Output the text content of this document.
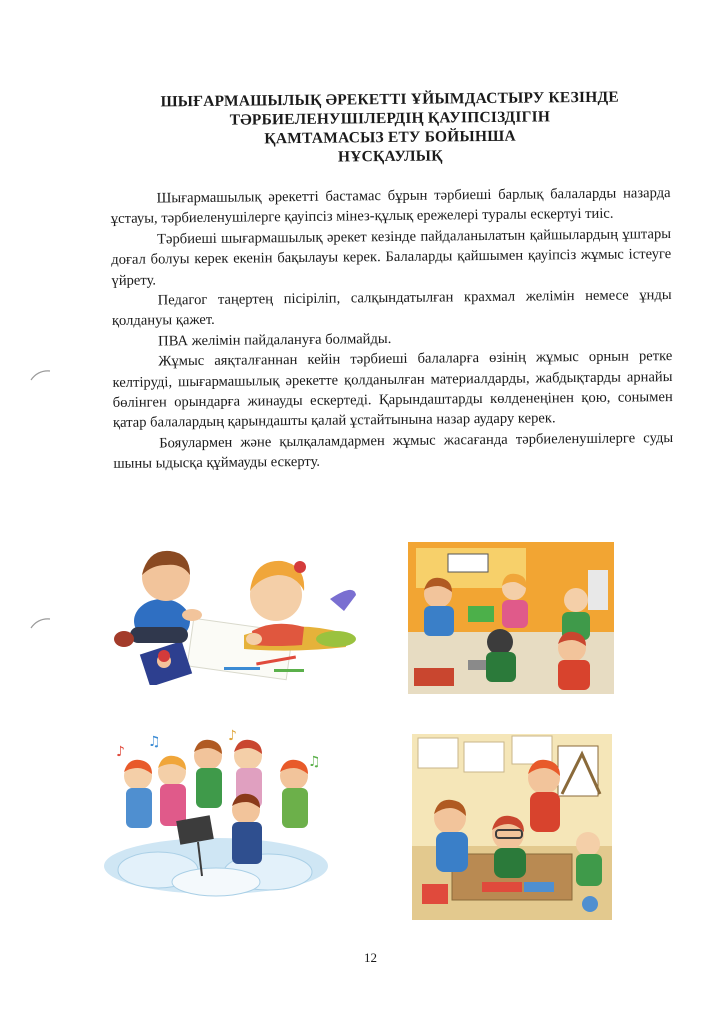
ШЫҒАРМАШЫЛЫҚ ӘРЕКЕТТІ ҰЙЫМДАСТЫРУ КЕЗІНДЕ
ТӘРБИЕЛЕНУШІЛЕРДІҢ ҚАУІПСІЗДІГІН
ҚАМТАМАСЫЗ ЕТУ БОЙЫНША
НҰСҚАУЛЫҚ

Шығармашылық әрекетті бастамас бұрын тәрбиеші барлық балаларды назарда ұстауы, тәрбиеленушілерге қауіпсіз мінез-құлық ережелері туралы ескертуі тиіс.

Тәрбиеші шығармашылық әрекет кезінде пайдаланылатын қайшылардың ұштары доғал болуы керек екенін бақылауы керек. Балаларды қайшымен қауіпсіз жұмыс істеуге үйрету.

Педагог таңертең пісіріліп, салқындатылған крахмал желімін немесе ұнды қолдануы қажет.

ПВА желімін пайдалануға болмайды.

Жұмыс аяқталғаннан кейін тәрбиеші балаларға өзінің жұмыс орнын ретке келтіруді, шығармашылық әрекетте қолданылған материалдарды, жабдықтарды арнайы бөлінген орындарға жинауды ескертеді. Қарындаштарды көлденеңінен қою, сонымен қатар балалардың қарындашты қалай ұстайтынына назар аудару керек.

Бояулармен және қылқаламдармен жұмыс жасағанда тәрбиеленушілерге суды шыны ыдысқа құймауды ескерту.

♪
♫	♪
♫
12
